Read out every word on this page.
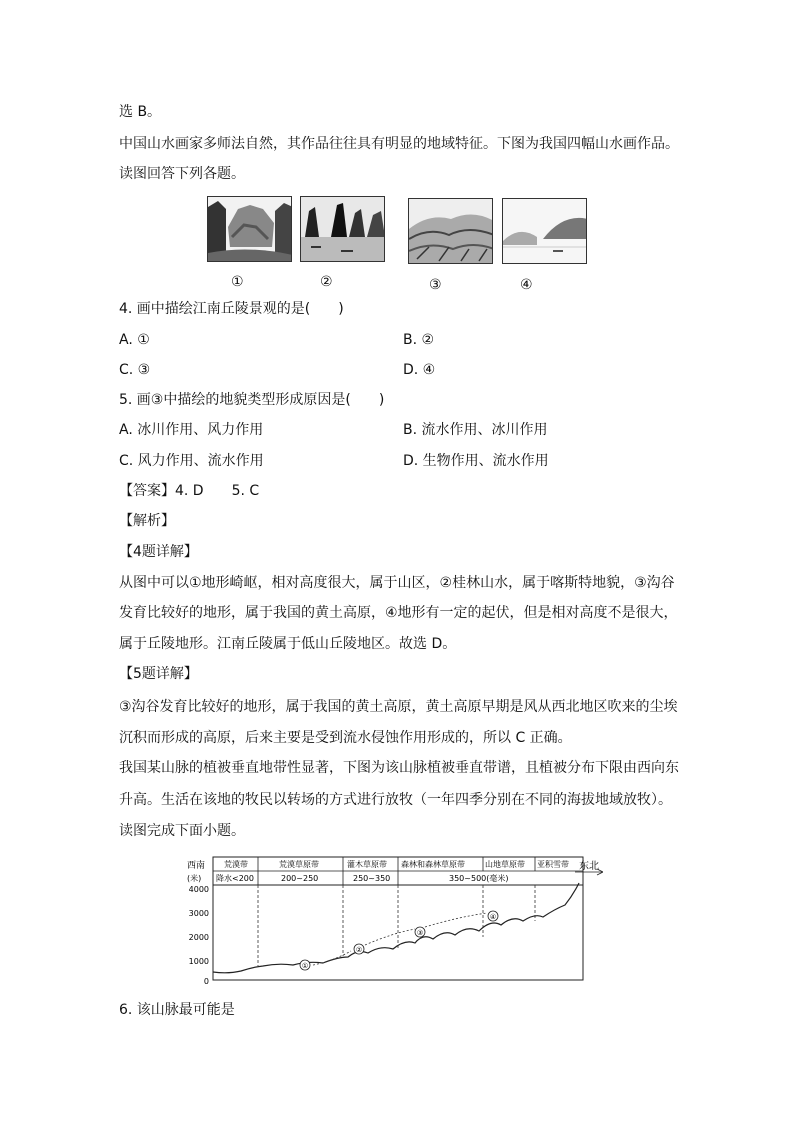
选 B。
中国山水画家多师法自然，其作品往往具有明显的地域特征。下图为我国四幅山水画作品。
读图回答下列各题。
①	②	③	④
4. 画中描绘江南丘陵景观的是(　　)
A. ①	B. ②
C. ③	D. ④
5. 画③中描绘的地貌类型形成原因是(　　)
A. 冰川作用、风力作用	B. 流水作用、冰川作用
C. 风力作用、流水作用	D. 生物作用、流水作用
【答案】4. D　　5. C
【解析】
【4题详解】
从图中可以①地形崎岖，相对高度很大，属于山区，②桂林山水，属于喀斯特地貌，③沟谷
发育比较好的地形，属于我国的黄土高原，④地形有一定的起伏，但是相对高度不是很大，
属于丘陵地形。江南丘陵属于低山丘陵地区。故选 D。
【5题详解】
③沟谷发育比较好的地形，属于我国的黄土高原，黄土高原早期是风从西北地区吹来的尘埃
沉积而形成的高原，后来主要是受到流水侵蚀作用形成的，所以 C 正确。
我国某山脉的植被垂直地带性显著，下图为该山脉植被垂直带谱，且植被分布下限由西向东
升高。生活在该地的牧民以转场的方式进行放牧（一年四季分别在不同的海拔地域放牧）。
读图完成下面小题。
西南
(米)
东北
荒漠带	荒漠草原带	灌木草原带 森林和森林草原带	山地草原带 亚积雪带
降水<200	200~250	250~350	350~500(毫米)
4000
3000
2000
1000
0
①
②
③
④
6. 该山脉最可能是
